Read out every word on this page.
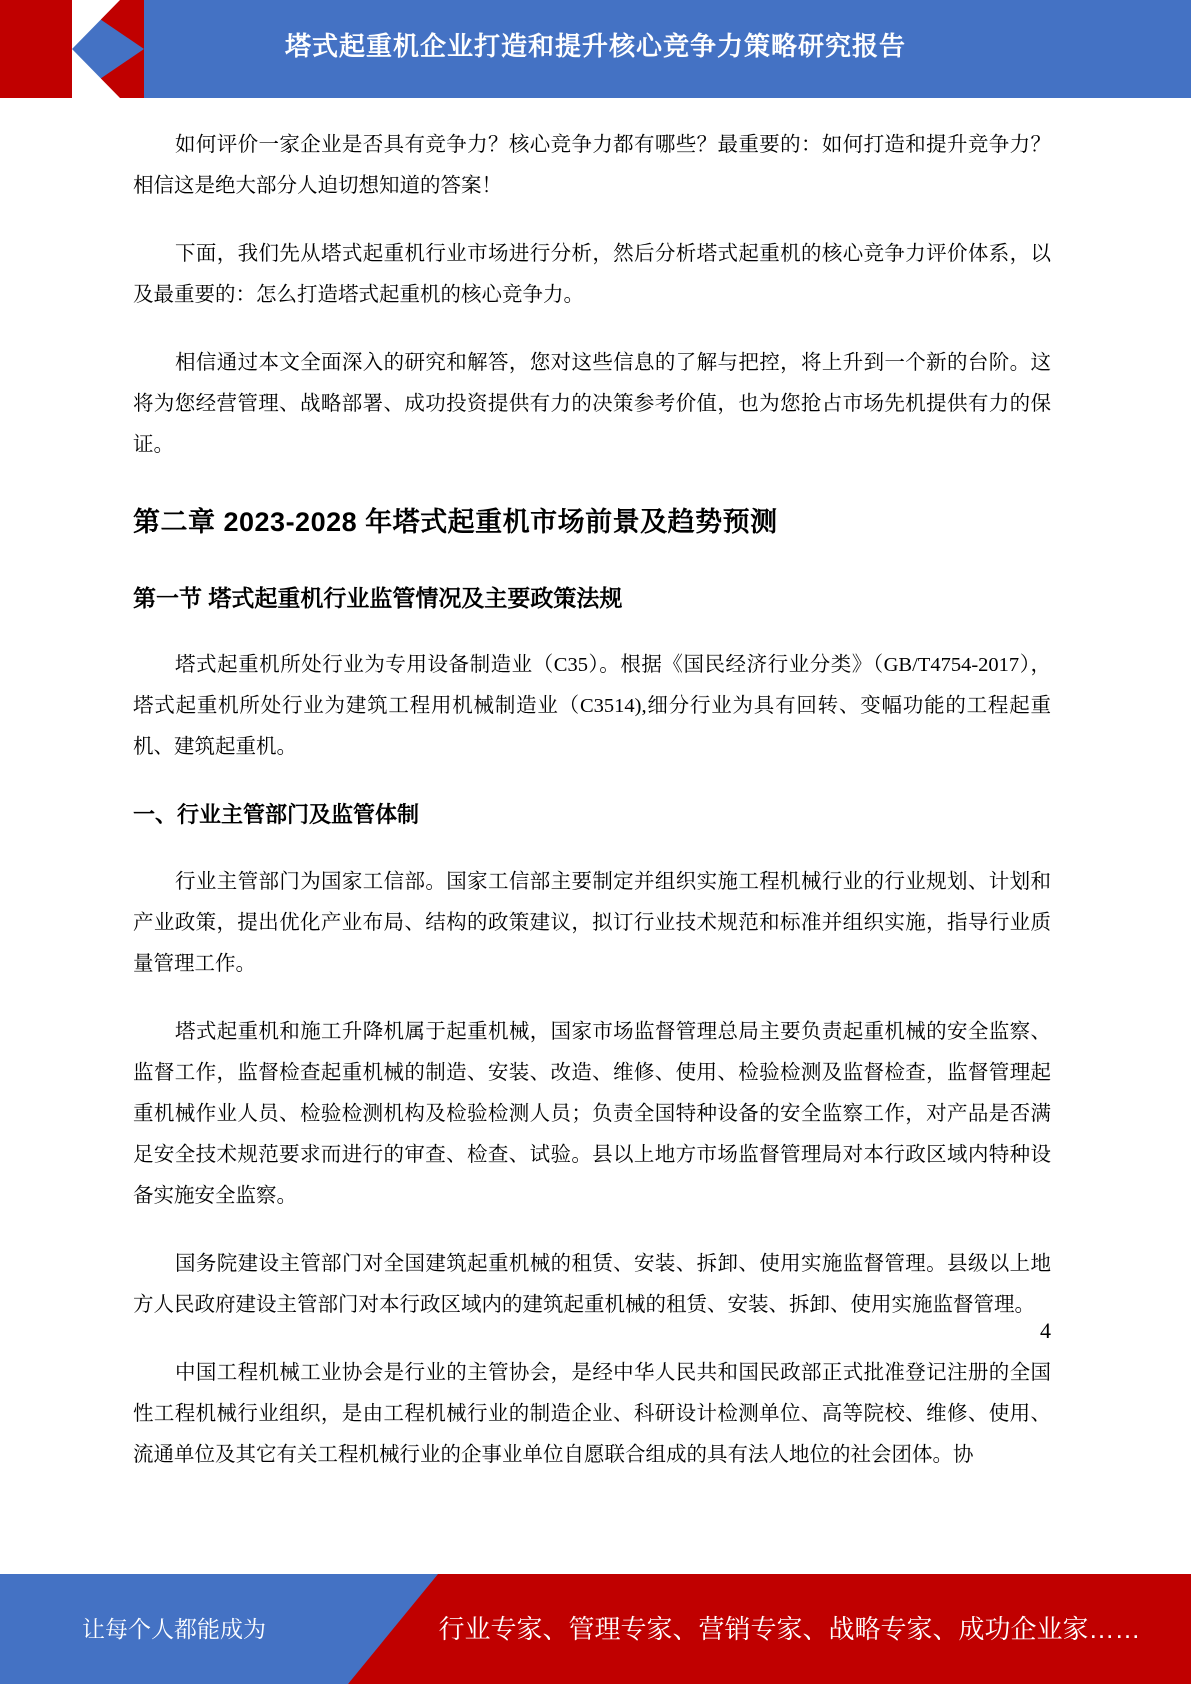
塔式起重机企业打造和提升核心竞争力策略研究报告

如何评价一家企业是否具有竞争力？核心竞争力都有哪些？最重要的：如何打造和提升竞争力？相信这是绝大部分人迫切想知道的答案！

下面，我们先从塔式起重机行业市场进行分析，然后分析塔式起重机的核心竞争力评价体系，以及最重要的：怎么打造塔式起重机的核心竞争力。

相信通过本文全面深入的研究和解答，您对这些信息的了解与把控，将上升到一个新的台阶。这将为您经营管理、战略部署、成功投资提供有力的决策参考价值，也为您抢占市场先机提供有力的保证。

第二章 2023-2028 年塔式起重机市场前景及趋势预测
第一节 塔式起重机行业监管情况及主要政策法规

塔式起重机所处行业为专用设备制造业（C35）。根据《国民经济行业分类》（GB/T4754-2017），塔式起重机所处行业为建筑工程用机械制造业（C3514),细分行业为具有回转、变幅功能的工程起重机、建筑起重机。

一、行业主管部门及监管体制

行业主管部门为国家工信部。国家工信部主要制定并组织实施工程机械行业的行业规划、计划和产业政策，提出优化产业布局、结构的政策建议，拟订行业技术规范和标准并组织实施，指导行业质量管理工作。

塔式起重机和施工升降机属于起重机械，国家市场监督管理总局主要负责起重机械的安全监察、监督工作，监督检查起重机械的制造、安装、改造、维修、使用、检验检测及监督检查，监督管理起重机械作业人员、检验检测机构及检验检测人员；负责全国特种设备的安全监察工作，对产品是否满足安全技术规范要求而进行的审查、检查、试验。县以上地方市场监督管理局对本行政区域内特种设备实施安全监察。

国务院建设主管部门对全国建筑起重机械的租赁、安装、拆卸、使用实施监督管理。县级以上地方人民政府建设主管部门对本行政区域内的建筑起重机械的租赁、安装、拆卸、使用实施监督管理。

中国工程机械工业协会是行业的主管协会，是经中华人民共和国民政部正式批准登记注册的全国性工程机械行业组织，是由工程机械行业的制造企业、科研设计检测单位、高等院校、维修、使用、流通单位及其它有关工程机械行业的企事业单位自愿联合组成的具有法人地位的社会团体。协

4
让每个人都能成为	行业专家、管理专家、营销专家、战略专家、成功企业家……
